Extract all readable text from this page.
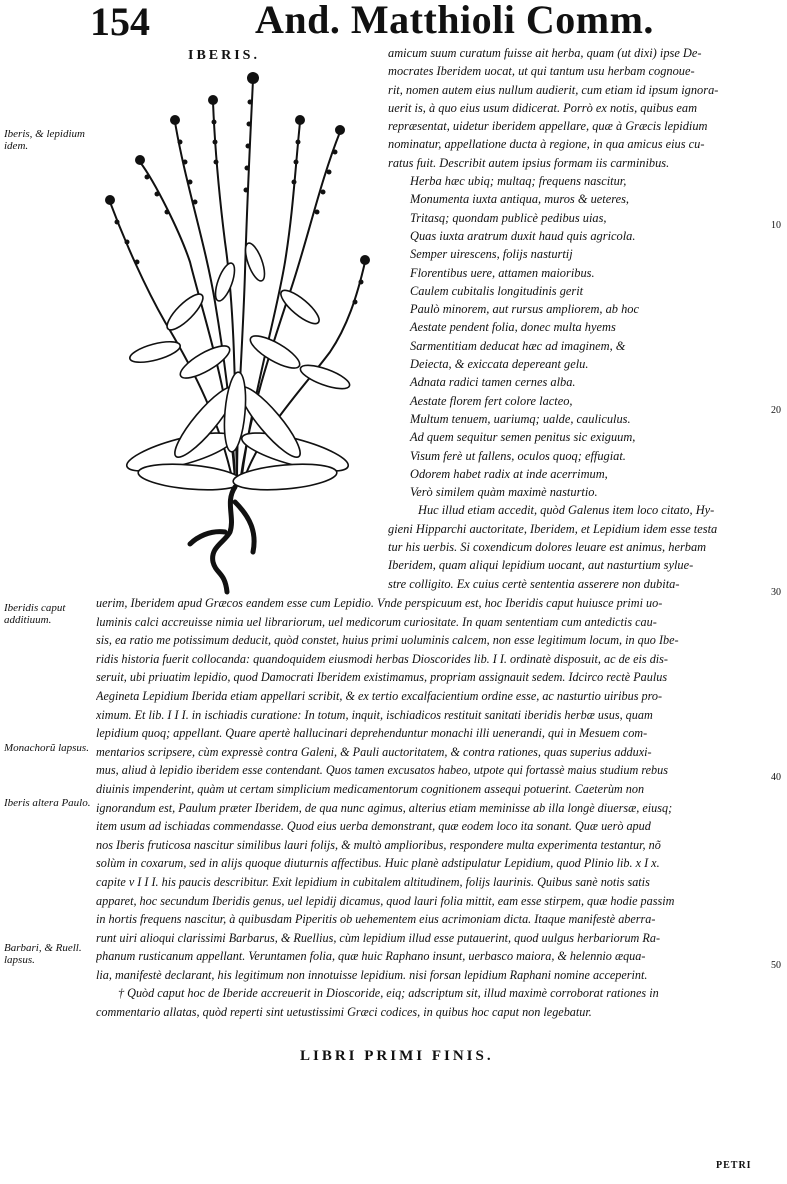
154	And. Matthioli Comm.
IBERIS.
Iberis, & lepidium idem.
Iberidis caput additiuum.
Monachorũ lapsus.
Iberis altera Paulo.
Barbari, & Ruell. lapsus.
10
20
30
40
50
amicum suum curatum fuisse ait herba, quam (ut dixi) ipse De-
mocrates Iberidem uocat, ut qui tantum usu herbam cognoue-
rit, nomen autem eius nullum audierit, cum etiam id ipsum ignora-
uerit is, à quo eius usum didicerat. Porrò ex notis, quibus eam
repræsentat, uidetur iberidem appellare, quæ à Græcis lepidium
nominatur, appellatione ducta à regione, in qua amicus eius cu-
ratus fuit. Describit autem ipsius formam iis carminibus.
Herba hæc ubiq; multaq; frequens nascitur,
Monumenta iuxta antiqua, muros & ueteres,
Tritasq; quondam publicè pedibus uias,
Quas iuxta aratrum duxit haud quis agricola.
Semper uirescens, folijs nasturtij
Florentibus uere, attamen maioribus.
Caulem cubitalis longitudinis gerit
Paulò minorem, aut rursus ampliorem, ab hoc
Aestate pendent folia, donec multa hyems
Sarmentitiam deducat hæc ad imaginem, &
Deiecta, & exiccata depereant gelu.
Adnata radici tamen cernes alba.
Aestate florem fert colore lacteo,
Multum tenuem, uariumq; ualde, cauliculus.
Ad quem sequitur semen penitus sic exiguum,
Visum ferè ut fallens, oculos quoq; effugiat.
Odorem habet radix at inde acerrimum,
Verò similem quàm maximè nasturtio.
Huc illud etiam accedit, quòd Galenus item loco citato, Hy-
gieni Hipparchi auctoritate, Iberidem, et Lepidium idem esse testa
tur his uerbis. Si coxendicum dolores leuare est animus, herbam
Iberidem, quam aliqui lepidium uocant, aut nasturtium sylue-
stre colligito. Ex cuius certè sententia asserere non dubita-
uerim, Iberidem apud Græcos eandem esse cum Lepidio. Vnde perspicuum est, hoc Iberidis caput huiusce primi uo-
luminis calci accreuisse nimia uel librariorum, uel medicorum curiositate. In quam sententiam cum antedictis cau-
sis, ea ratio me potissimum deducit, quòd constet, huius primi uoluminis calcem, non esse legitimum locum, in quo Ibe-
ridis historia fuerit collocanda: quandoquidem eiusmodi herbas Dioscorides lib. I I. ordinatè disposuit, ac de eis dis-
seruit, ubi priuatim lepidio, quod Damocrati Iberidem existimamus, propriam assignauit sedem. Idcirco rectè Paulus
Aegineta Lepidium Iberida etiam appellari scribit, & ex tertio excalfacientium ordine esse, ac nasturtio uiribus pro-
ximum. Et lib. I I I. in ischiadis curatione: In totum, inquit, ischiadicos restituit sanitati iberidis herbæ usus, quam
lepidium quoq; appellant. Quare apertè hallucinari deprehenduntur monachi illi uenerandi, qui in Mesuem com-
mentarios scripsere, cùm expressè contra Galeni, & Pauli auctoritatem, & contra rationes, quas superius adduxi-
mus, aliud à lepidio iberidem esse contendant. Quos tamen excusatos habeo, utpote qui fortassè maius studium rebus
diuinis impenderint, quàm ut certam simplicium medicamentorum cognitionem assequi potuerint. Caeterùm non
ignorandum est, Paulum præter Iberidem, de qua nunc agimus, alterius etiam meminisse ab illa longè diuersæ, eiusq;
item usum ad ischiadas commendasse. Quod eius uerba demonstrant, quæ eodem loco ita sonant. Quæ uerò apud
nos Iberis fruticosa nascitur similibus lauri folijs, & multò amplioribus, respondere multa experimenta testantur, nõ
solùm in coxarum, sed in alijs quoque diuturnis affectibus. Huic planè adstipulatur Lepidium, quod Plinio lib. x I x.
capite v I I I. his paucis describitur. Exit lepidium in cubitalem altitudinem, folijs laurinis. Quibus sanè notis satis
apparet, hoc secundum Iberidis genus, uel lepidij dicamus, quod lauri folia mittit, eam esse stirpem, quæ hodie passim
in hortis frequens nascitur, à quibusdam Piperitis ob uehementem eius acrimoniam dicta. Itaque manifestè aberra-
runt uiri alioqui clarissimi Barbarus, & Ruellius, cùm lepidium illud esse putauerint, quod uulgus herbariorum Ra-
phanum rusticanum appellant. Veruntamen folia, quæ huic Raphano insunt, uerbasco maiora, & helennio æqua-
lia, manifestè declarant, his legitimum non innotuisse lepidium. nisi forsan lepidium Raphani nomine acceperint.
† Quòd caput hoc de Iberide accreuerit in Dioscoride, eiq; adscriptum sit, illud maximè corroborat rationes in
commentario allatas, quòd reperti sint uetustissimi Græci codices, in quibus hoc caput non legebatur.
LIBRI PRIMI FINIS.
PETRI
